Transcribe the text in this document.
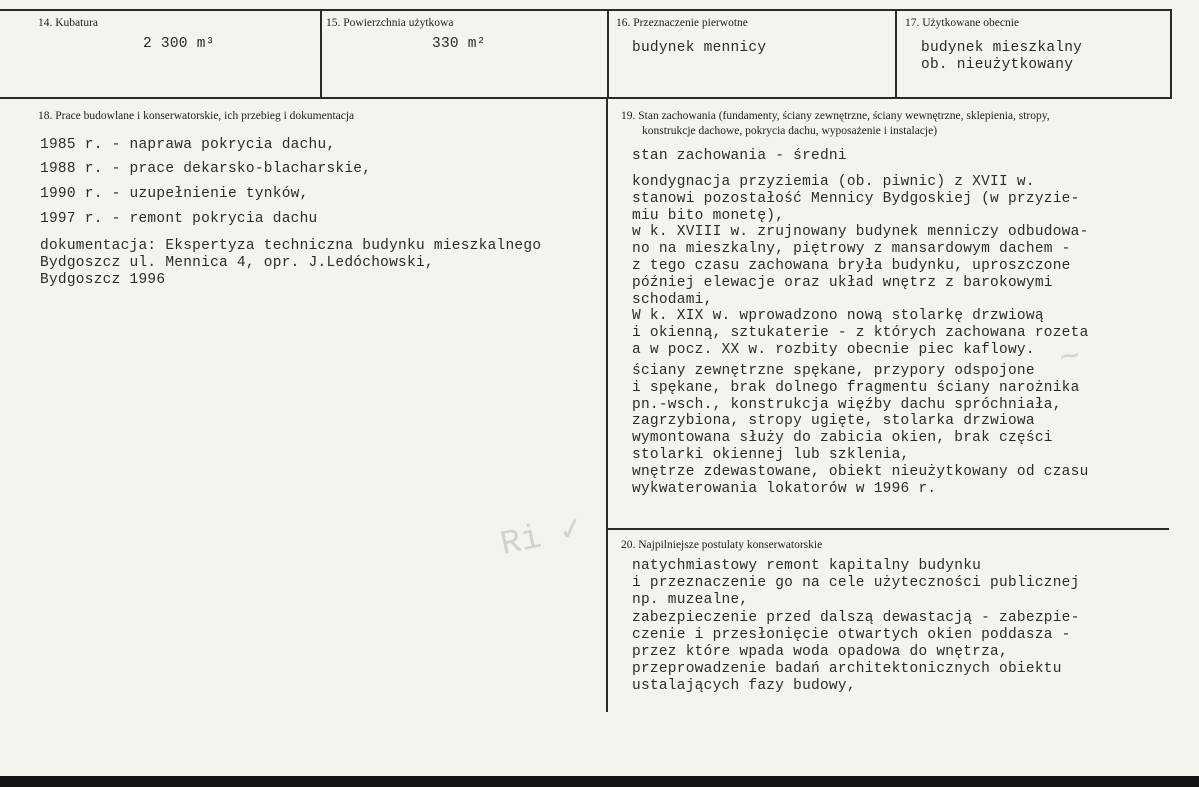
Ri ✓
~
14. Kubatura
2 300 m³
15. Powierzchnia użytkowa
330 m²
16. Przeznaczenie pierwotne
budynek mennicy
17. Użytkowane obecnie
budynek mieszkalny
ob. nieużytkowany
18. Prace budowlane i konserwatorskie, ich przebieg i dokumentacja
1985 r. - naprawa pokrycia dachu,
1988 r. - prace dekarsko-blacharskie,
1990 r. - uzupełnienie tynków,
1997 r. - remont pokrycia dachu
dokumentacja: Ekspertyza techniczna budynku mieszkalnego
Bydgoszcz ul. Mennica 4, opr. J.Ledóchowski,
Bydgoszcz 1996
19. Stan zachowania (fundamenty, ściany zewnętrzne, ściany wewnętrzne, sklepienia, stropy,
konstrukcje dachowe, pokrycia dachu, wyposażenie i instalacje)
stan zachowania - średni
kondygnacja przyziemia (ob. piwnic) z XVII w.
stanowi pozostałość Mennicy Bydgoskiej (w przyzie-
miu bito monetę),
w k. XVIII w. zrujnowany budynek menniczy odbudowa-
no na mieszkalny, piętrowy z mansardowym dachem -
z tego czasu zachowana bryła budynku, uproszczone
później elewacje oraz układ wnętrz z barokowymi
schodami,
W k. XIX w. wprowadzono nową stolarkę drzwiową
i okienną, sztukaterie - z których zachowana rozeta
a w pocz. XX w. rozbity obecnie piec kaflowy.
ściany zewnętrzne spękane, przypory odspojone
i spękane, brak dolnego fragmentu ściany narożnika
pn.-wsch., konstrukcja więźby dachu spróchniała,
zagrzybiona, stropy ugięte, stolarka drzwiowa
wymontowana służy do zabicia okien, brak części
stolarki okiennej lub szklenia,
wnętrze zdewastowane, obiekt nieużytkowany od czasu
wykwaterowania lokatorów w 1996 r.
20. Najpilniejsze postulaty konserwatorskie
natychmiastowy remont kapitalny budynku
i przeznaczenie go na cele użyteczności publicznej
np. muzealne,
zabezpieczenie przed dalszą dewastacją - zabezpie-
czenie i przesłonięcie otwartych okien poddasza -
przez które wpada woda opadowa do wnętrza,
przeprowadzenie badań architektonicznych obiektu
ustalających fazy budowy,
